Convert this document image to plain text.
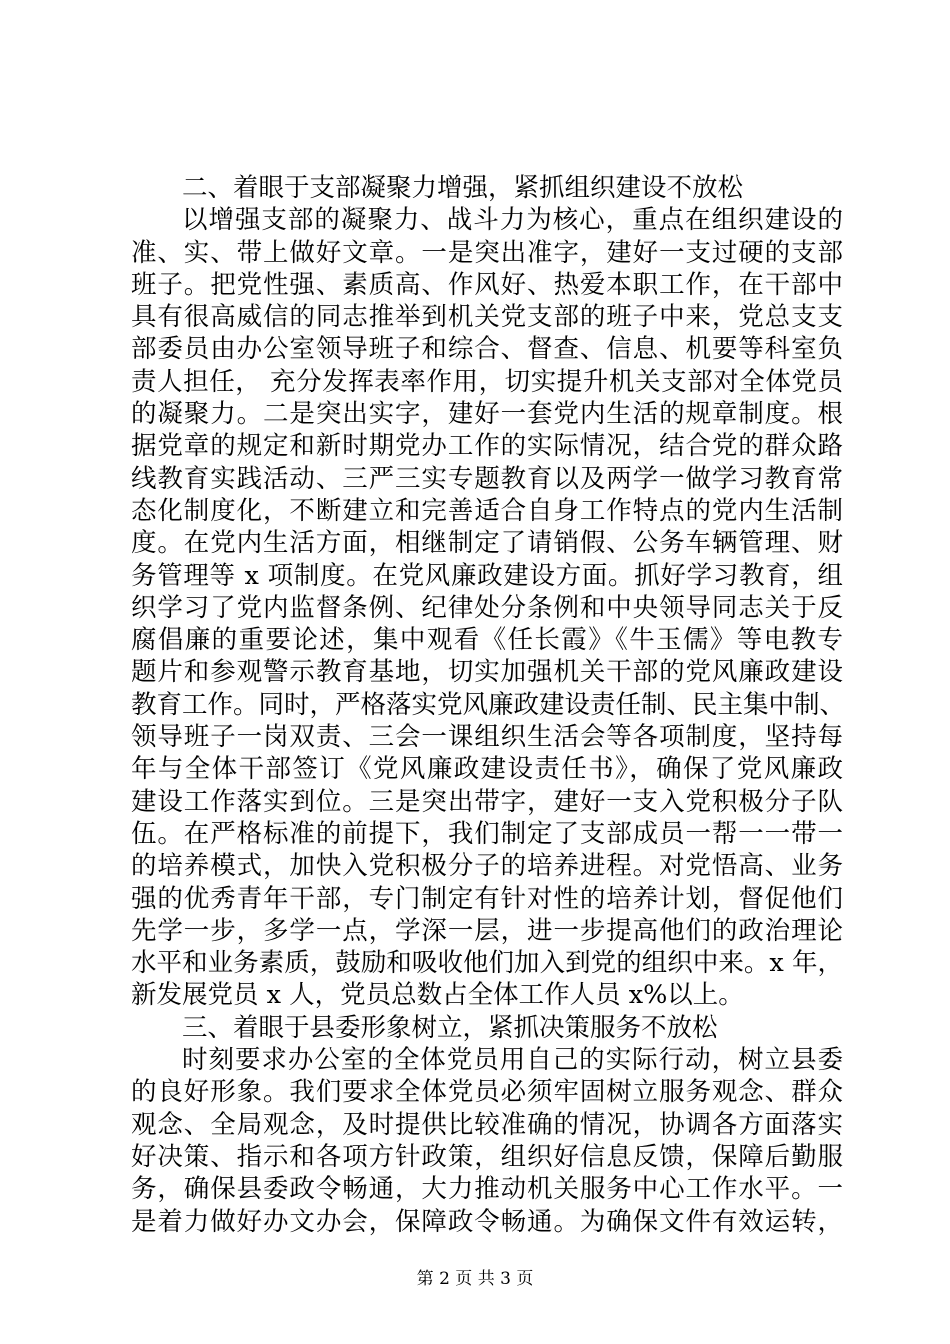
二、着眼于支部凝聚力增强，紧抓组织建设不放松
以增强支部的凝聚力、战斗力为核心，重点在组织建设的
准、实、带上做好文章。一是突出准字，建好一支过硬的支部
班子。把党性强、素质高、作风好、热爱本职工作，在干部中
具有很高威信的同志推举到机关党支部的班子中来，党总支支
部委员由办公室领导班子和综合、督查、信息、机要等科室负
责人担任， 充分发挥表率作用，切实提升机关支部对全体党员
的凝聚力。二是突出实字，建好一套党内生活的规章制度。根
据党章的规定和新时期党办工作的实际情况，结合党的群众路
线教育实践活动、三严三实专题教育以及两学一做学习教育常
态化制度化，不断建立和完善适合自身工作特点的党内生活制
度。在党内生活方面，相继制定了请销假、公务车辆管理、财
务管理等 x 项制度。在党风廉政建设方面。抓好学习教育，组
织学习了党内监督条例、纪律处分条例和中央领导同志关于反
腐倡廉的重要论述，集中观看《任长霞》《牛玉儒》等电教专
题片和参观警示教育基地，切实加强机关干部的党风廉政建设
教育工作。同时，严格落实党风廉政建设责任制、民主集中制、
领导班子一岗双责、三会一课组织生活会等各项制度，坚持每
年与全体干部签订《党风廉政建设责任书》，确保了党风廉政
建设工作落实到位。三是突出带字，建好一支入党积极分子队
伍。在严格标准的前提下，我们制定了支部成员一帮一一带一
的培养模式，加快入党积极分子的培养进程。对党悟高、业务
强的优秀青年干部，专门制定有针对性的培养计划，督促他们
先学一步，多学一点，学深一层，进一步提高他们的政治理论
水平和业务素质，鼓励和吸收他们加入到党的组织中来。x 年，
新发展党员 x 人，党员总数占全体工作人员 x%以上。
三、着眼于县委形象树立，紧抓决策服务不放松
时刻要求办公室的全体党员用自己的实际行动，树立县委
的良好形象。我们要求全体党员必须牢固树立服务观念、群众
观念、全局观念，及时提供比较准确的情况，协调各方面落实
好决策、指示和各项方针政策，组织好信息反馈，保障后勤服
务，确保县委政令畅通，大力推动机关服务中心工作水平。一
是着力做好办文办会，保障政令畅通。为确保文件有效运转，
第 2 页 共 3 页
